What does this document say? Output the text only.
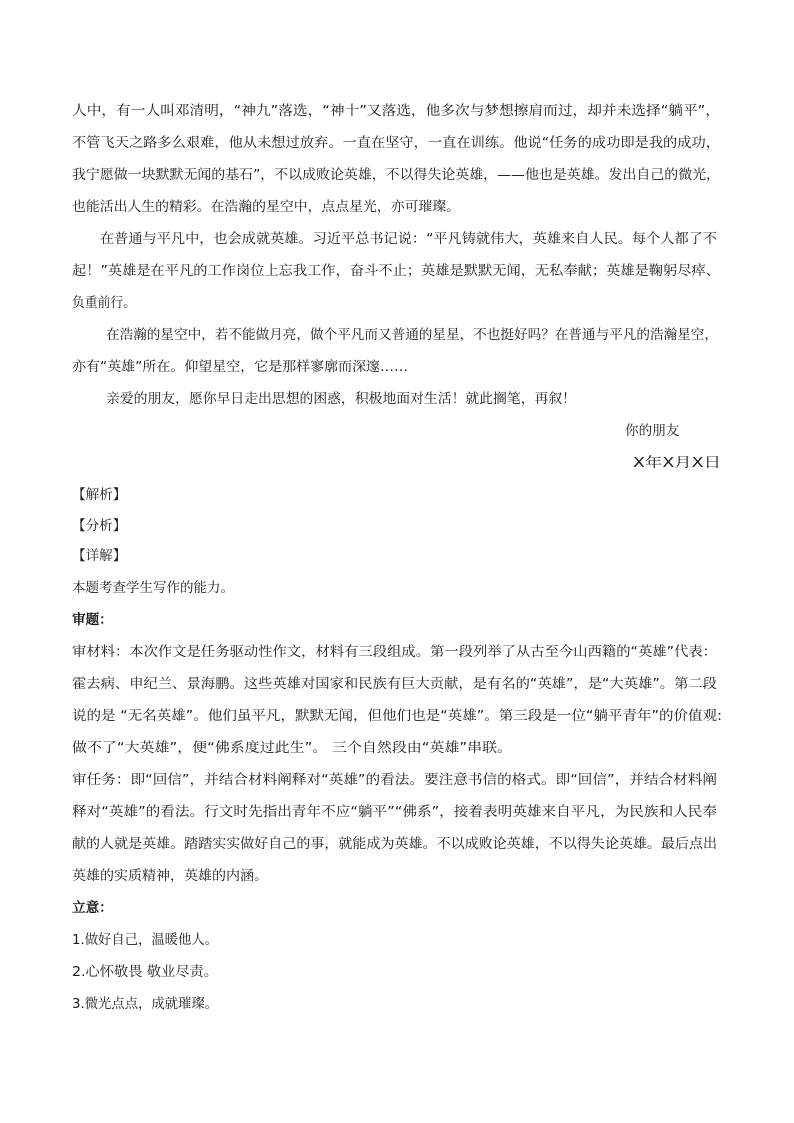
人中，有一人叫邓清明，“神九”落选，“神十”又落选，他多次与梦想擦肩而过，却并未选择“躺平”，
不管飞天之路多么艰难，他从未想过放弃。一直在坚守，一直在训练。他说“任务的成功即是我的成功，
我宁愿做一块默默无闻的基石”，不以成败论英雄，不以得失论英雄，——他也是英雄。发出自己的微光，
也能活出人生的精彩。在浩瀚的星空中，点点星光，亦可璀璨。
在普通与平凡中，也会成就英雄。习近平总书记说：“平凡铸就伟大，英雄来自人民。每个人都了不
起！”英雄是在平凡的工作岗位上忘我工作，奋斗不止；英雄是默默无闻，无私奉献；英雄是鞠躬尽瘁、
负重前行。
在浩瀚的星空中，若不能做月亮，做个平凡而又普通的星星，不也挺好吗？在普通与平凡的浩瀚星空，
亦有“英雄”所在。仰望星空，它是那样寥廓而深邃……
亲爱的朋友，愿你早日走出思想的困惑，积极地面对生活！就此搁笔，再叙！
你的朋友
X年X月X日
【解析】
【分析】
【详解】
本题考查学生写作的能力。
审题：
审材料：本次作文是任务驱动性作文，材料有三段组成。第一段列举了从古至今山西籍的“英雄”代表：
霍去病、申纪兰、景海鹏。这些英雄对国家和民族有巨大贡献，是有名的“英雄”，是“大英雄”。第二段
说的是 “无名英雄”。他们虽平凡，默默无闻，但他们也是“英雄”。第三段是一位“躺平青年”的价值观:
做不了“大英雄”，便“佛系度过此生”。 三个自然段由“英雄”串联。
审任务：即“回信”，并结合材料阐释对“英雄”的看法。要注意书信的格式。即“回信”，并结合材料阐
释对“英雄”的看法。行文时先指出青年不应“躺平”“佛系”，接着表明英雄来自平凡，为民族和人民奉
献的人就是英雄。踏踏实实做好自己的事，就能成为英雄。不以成败论英雄，不以得失论英雄。最后点出
英雄的实质精神，英雄的内涵。
立意：
1.做好自己，温暖他人。
2.心怀敬畏 敬业尽责。
3.微光点点，成就璀璨。
